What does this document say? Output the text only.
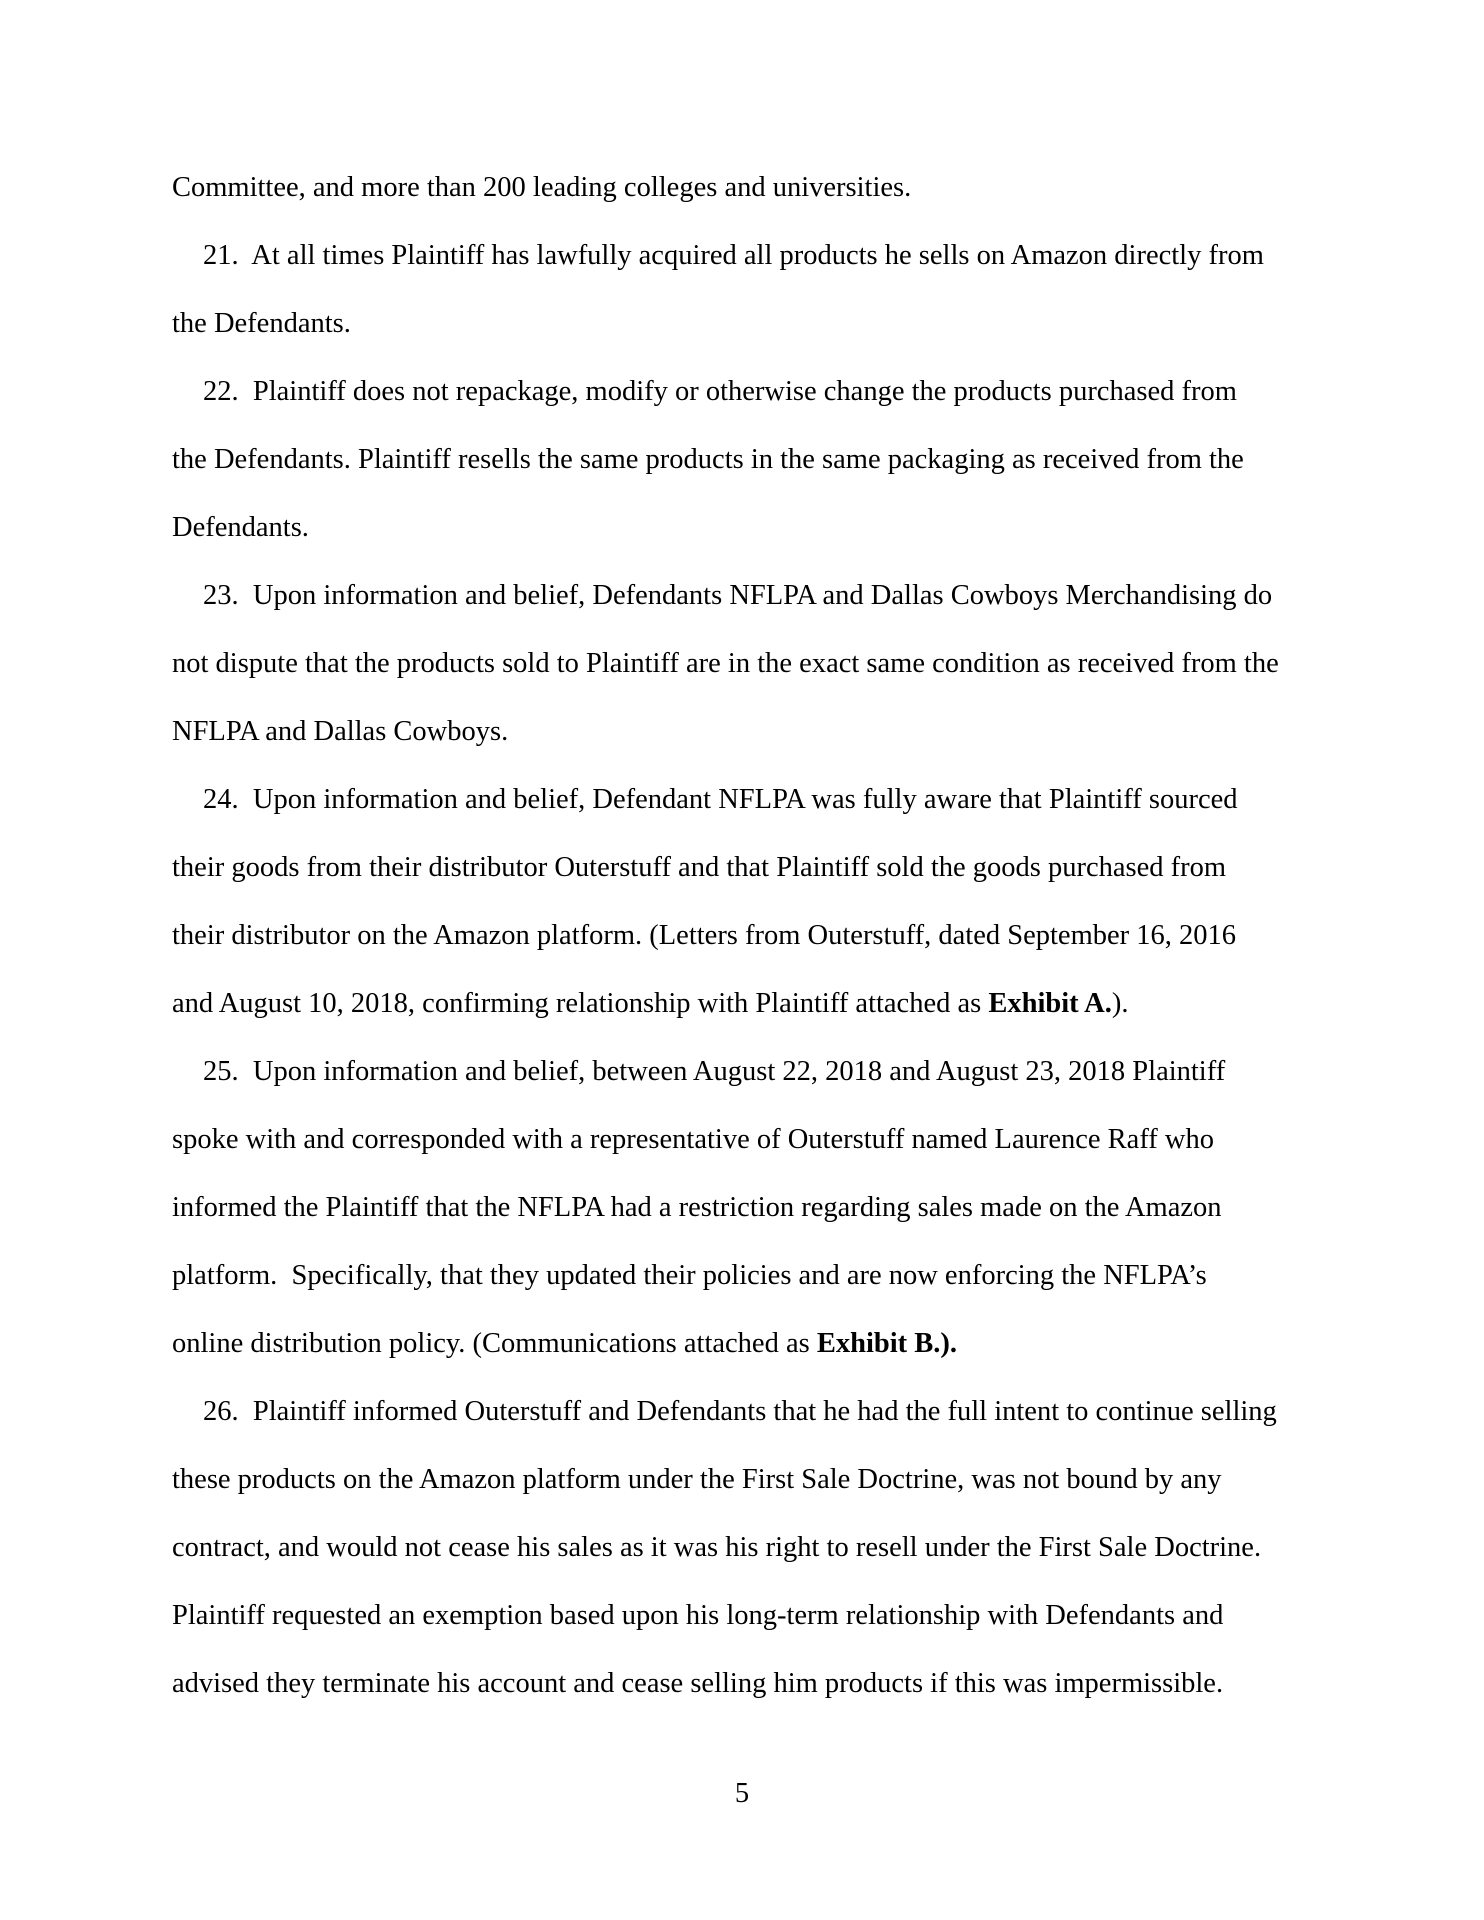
Committee, and more than 200 leading colleges and universities.
21.  At all times Plaintiff has lawfully acquired all products he sells on Amazon directly from
the Defendants.
22.  Plaintiff does not repackage, modify or otherwise change the products purchased from
the Defendants. Plaintiff resells the same products in the same packaging as received from the
Defendants.
23.  Upon information and belief, Defendants NFLPA and Dallas Cowboys Merchandising do
not dispute that the products sold to Plaintiff are in the exact same condition as received from the
NFLPA and Dallas Cowboys.
24.  Upon information and belief, Defendant NFLPA was fully aware that Plaintiff sourced
their goods from their distributor Outerstuff and that Plaintiff sold the goods purchased from
their distributor on the Amazon platform. (Letters from Outerstuff, dated September 16, 2016
and August 10, 2018, confirming relationship with Plaintiff attached as Exhibit A.).
25.  Upon information and belief, between August 22, 2018 and August 23, 2018 Plaintiff
spoke with and corresponded with a representative of Outerstuff named Laurence Raff who
informed the Plaintiff that the NFLPA had a restriction regarding sales made on the Amazon
platform.  Specifically, that they updated their policies and are now enforcing the NFLPA’s
online distribution policy. (Communications attached as Exhibit B.).
26.  Plaintiff informed Outerstuff and Defendants that he had the full intent to continue selling
these products on the Amazon platform under the First Sale Doctrine, was not bound by any
contract, and would not cease his sales as it was his right to resell under the First Sale Doctrine.
Plaintiff requested an exemption based upon his long-term relationship with Defendants and
advised they terminate his account and cease selling him products if this was impermissible.
5
